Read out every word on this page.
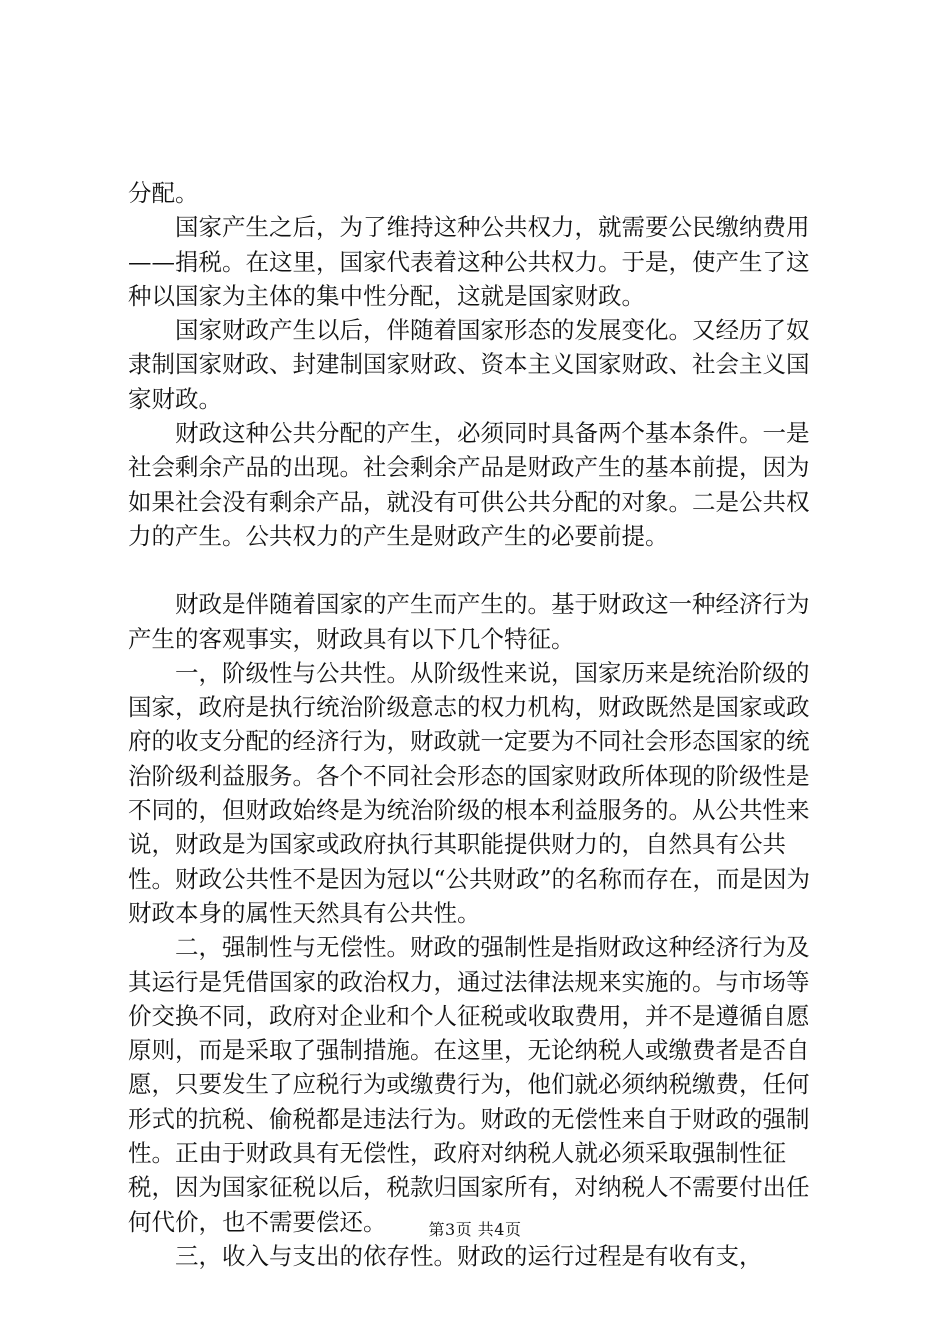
分配。

　　国家产生之后，为了维持这种公共权力，就需要公民缴纳费用——捐税。在这里，国家代表着这种公共权力。于是，使产生了这种以国家为主体的集中性分配，这就是国家财政。

　　国家财政产生以后，伴随着国家形态的发展变化。又经历了奴隶制国家财政、封建制国家财政、资本主义国家财政、社会主义国家财政。

　　财政这种公共分配的产生，必须同时具备两个基本条件。一是社会剩余产品的出现。社会剩余产品是财政产生的基本前提，因为如果社会没有剩余产品，就没有可供公共分配的对象。二是公共权力的产生。公共权力的产生是财政产生的必要前提。

　　财政是伴随着国家的产生而产生的。基于财政这一种经济行为产生的客观事实，财政具有以下几个特征。

　　一，阶级性与公共性。从阶级性来说，国家历来是统治阶级的国家，政府是执行统治阶级意志的权力机构，财政既然是国家或政府的收支分配的经济行为，财政就一定要为不同社会形态国家的统治阶级利益服务。各个不同社会形态的国家财政所体现的阶级性是不同的，但财政始终是为统治阶级的根本利益服务的。从公共性来说，财政是为国家或政府执行其职能提供财力的，自然具有公共性。财政公共性不是因为冠以“公共财政”的名称而存在，而是因为财政本身的属性天然具有公共性。

　　二，强制性与无偿性。财政的强制性是指财政这种经济行为及其运行是凭借国家的政治权力，通过法律法规来实施的。与市场等价交换不同，政府对企业和个人征税或收取费用，并不是遵循自愿原则，而是采取了强制措施。在这里，无论纳税人或缴费者是否自愿，只要发生了应税行为或缴费行为，他们就必须纳税缴费，任何形式的抗税、偷税都是违法行为。财政的无偿性来自于财政的强制性。正由于财政具有无偿性，政府对纳税人就必须采取强制性征税，因为国家征税以后，税款归国家所有，对纳税人不需要付出任何代价，也不需要偿还。

　　三，收入与支出的依存性。财政的运行过程是有收有支，

第3页 共4页
